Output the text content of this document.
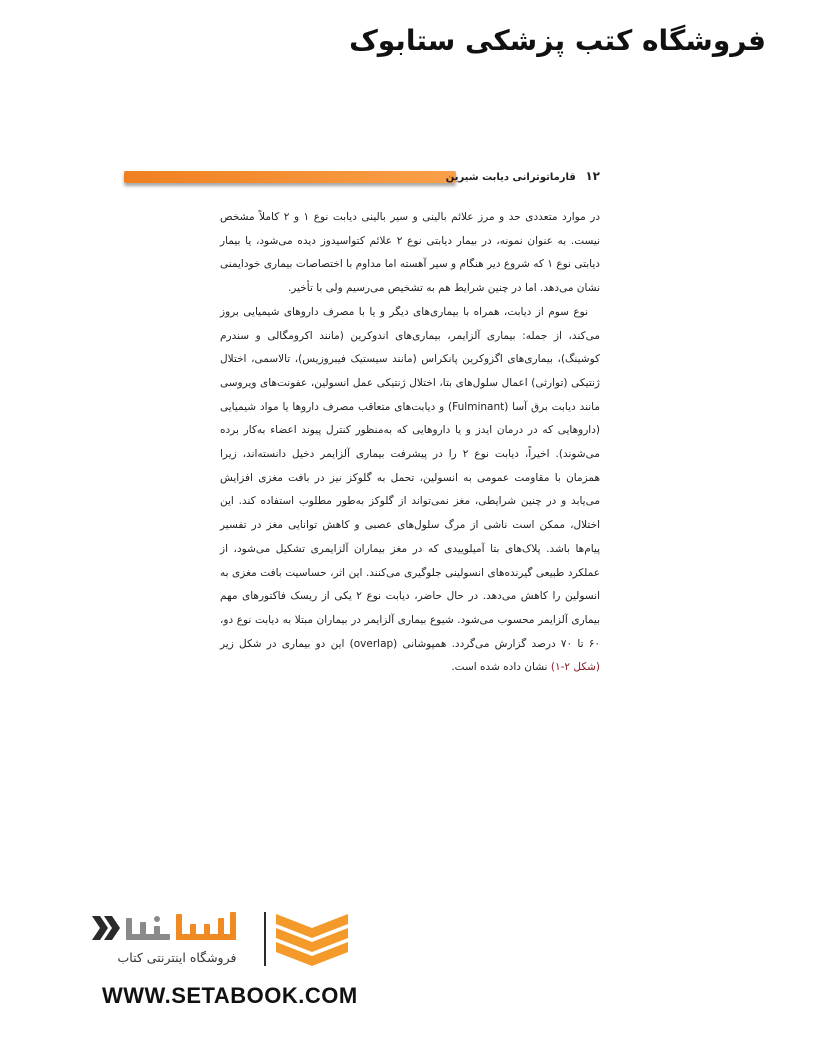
فروشگاه کتب پزشکی ستابوک
۱۲ قارماتوترانی دیابت شیرین

در موارد متعددی حد و مرز علائم بالینی و سیر بالینی دیابت نوع ۱ و ۲ کاملاً مشخص نیست. به عنوان نمونه، در بیمار دیابتی نوع ۲ علائم کتواسیدوز دیده می‌شود، یا بیمار دیابتی نوع ۱ که شروع دیر هنگام و سیر آهسته اما مداوم با اختصاصات بیماری خودایمنی نشان می‌دهد. اما در چنین شرایط هم به تشخیص می‌رسیم ولی با تأخیر.

نوع سوم از دیابت، همراه با بیماری‌های دیگر و یا با مصرف داروهای شیمیایی بروز می‌کند، از جمله: بیماری آلزایمر، بیماری‌های اندوکرین (مانند اکرومگالی و سندرم کوشینگ)، بیماری‌های اگزوکرین پانکراس (مانند سیستیک فیبروزیس)، تالاسمی، اختلال ژنتیکی (توارثی) اعمال سلول‌های بتا، اختلال ژنتیکی عمل انسولین، عفونت‌های ویروسی مانند دیابت برق آسا (Fulminant) و دیابت‌های متعاقب مصرف داروها یا مواد شیمیایی (داروهایی که در درمان ایدز و یا داروهایی که به‌منظور کنترل پیوند اعضاء به‌کار برده می‌شوند). اخیراً، دیابت نوع ۲ را در پیشرفت بیماری آلزایمر دخیل دانسته‌اند، زیرا همزمان با مقاومت عمومی به انسولین، تحمل به گلوکز نیز در بافت مغزی افزایش می‌یابد و در چنین شرایطی، مغز نمی‌تواند از گلوکز به‌طور مطلوب استفاده کند. این اختلال، ممکن است ناشی از مرگ سلول‌های عصبی و کاهش توانایی مغز در تفسیر پیام‌ها باشد. پلاک‌های بتا آمیلوییدی که در مغز بیماران آلزایمری تشکیل می‌شود، از عملکرد طبیعی گیرنده‌های انسولینی جلوگیری می‌کنند. این اثر، حساسیت بافت مغزی به انسولین را کاهش می‌دهد. در حال حاضر، دیابت نوع ۲ یکی از ریسک فاکتورهای مهم بیماری آلزایمر محسوب می‌شود. شیوع بیماری آلزایمر در بیماران مبتلا به دیابت نوع دو، ۶۰ تا ۷۰ درصد گزارش می‌گردد. همپوشانی (overlap) این دو بیماری در شکل زیر (شکل ۲-۱) نشان داده شده است.

فروشگاه اینترنتی کتاب
WWW.SETABOOK.COM
